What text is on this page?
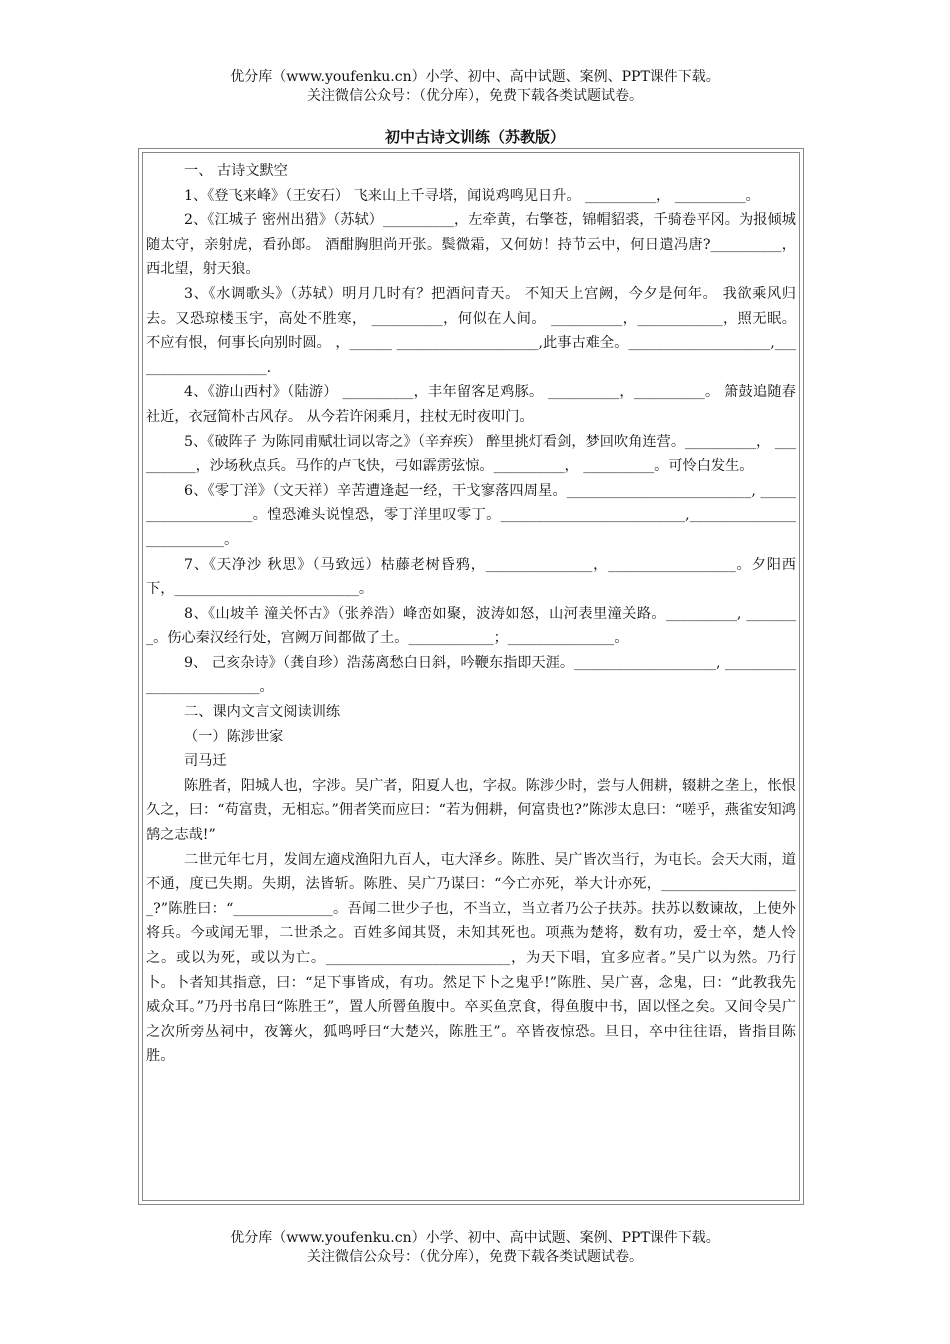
优分库（www.youfenku.cn）小学、初中、高中试题、案例、PPT课件下载。
关注微信公众号：（优分库），免费下载各类试题试卷。
初中古诗文训练（苏教版）

一、 古诗文默空

1、《登飞来峰》（王安石） 飞来山上千寻塔，闻说鸡鸣见日升。 __________， __________。

2、《江城子 密州出猎》（苏轼）__________，左牵黄，右擎苍，锦帽貂裘，千骑卷平冈。为报倾城随太守，亲射虎，看孙郎。 酒酣胸胆尚开张。鬓微霜，又何妨！持节云中，何日遣冯唐?__________，西北望，射天狼。

3、《水调歌头》（苏轼）明月几时有？把酒问青天。 不知天上宫阙，今夕是何年。 我欲乘风归去。又恐琼楼玉宇，高处不胜寒， __________，何似在人间。 __________，____________，照无眠。 不应有恨，何事长向别时圆。 ，______ ____________________,此事古难全。____________________,____________________.

4、《游山西村》（陆游） __________，丰年留客足鸡豚。 __________，__________。 箫鼓追随春社近，衣冠简朴古风存。 从今若许闲乘月，拄杖无时夜叩门。

5、《破阵子 为陈同甫赋壮词以寄之》（辛弃疾） 醉里挑灯看剑，梦回吹角连营。__________， __________，沙场秋点兵。马作的卢飞快，弓如霹雳弦惊。__________， __________。可怜白发生。

6、《零丁洋》（文天祥）辛苦遭逢起一经，干戈寥落四周星。__________________________, ____________________。惶恐滩头说惶恐，零丁洋里叹零丁。__________________________,__________________________。

7、《天净沙 秋思》（马致远）枯藤老树昏鸦，_______________，__________________。夕阳西下，__________________________。

8、《山坡羊 潼关怀古》（张养浩）峰峦如聚，波涛如怒，山河表里潼关路。__________, ________。伤心秦汉经行处，宫阙万间都做了土。____________；_______________。

9、 己亥杂诗》（龚自珍）浩荡离愁白日斜，吟鞭东指即天涯。____________________, __________________________。

二、课内文言文阅读训练

（一）陈涉世家

司马迁

陈胜者，阳城人也，字涉。吴广者，阳夏人也，字叔。陈涉少时，尝与人佣耕，辍耕之垄上，怅恨久之，曰：“苟富贵，无相忘。”佣者笑而应曰：“若为佣耕，何富贵也?”陈涉太息曰：“嗟乎，燕雀安知鸿鹄之志哉!”

二世元年七月，发闾左適戍渔阳九百人，屯大泽乡。陈胜、吴广皆次当行，为屯长。会天大雨，道不通，度已失期。失期，法皆斩。陈胜、吴广乃谋曰：“今亡亦死，举大计亦死，____________________?”陈胜曰：“______________。吾闻二世少子也，不当立，当立者乃公子扶苏。扶苏以数谏故，上使外将兵。今或闻无罪，二世杀之。百姓多闻其贤，未知其死也。项燕为楚将，数有功，爱士卒，楚人怜之。或以为死，或以为亡。__________________________，为天下唱，宜多应者。”吴广以为然。乃行卜。卜者知其指意，曰：“足下事皆成，有功。然足下卜之鬼乎!”陈胜、吴广喜，念鬼，曰：“此教我先威众耳。”乃丹书帛曰“陈胜王”，置人所罾鱼腹中。卒买鱼烹食，得鱼腹中书，固以怪之矣。又间令吴广之次所旁丛祠中，夜篝火，狐鸣呼曰“大楚兴，陈胜王”。卒皆夜惊恐。旦日，卒中往往语，皆指目陈胜。

优分库（www.youfenku.cn）小学、初中、高中试题、案例、PPT课件下载。
关注微信公众号：（优分库），免费下载各类试题试卷。
